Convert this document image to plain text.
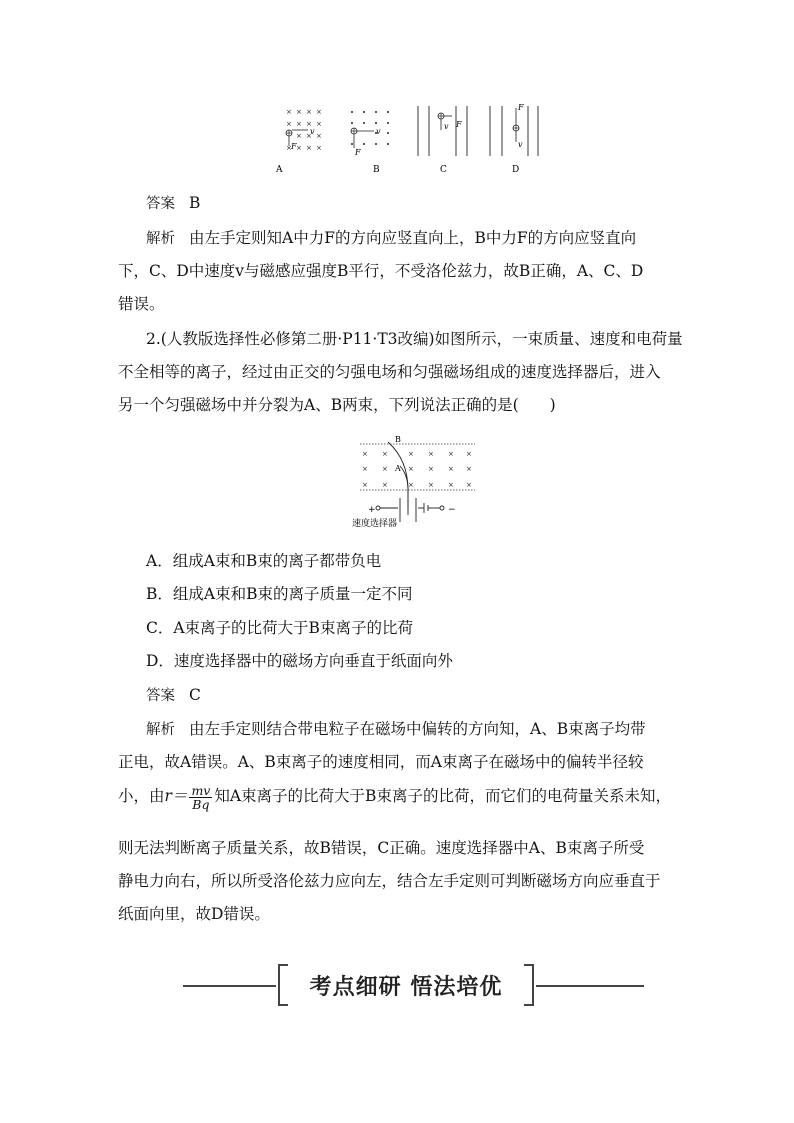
× × × ×
× × × ×
× × ×
× × × ×
v
F
v
F
v F
F
v
A	B	C	D
答案 B
解析 由左手定则知A中力F的方向应竖直向上，B中力F的方向应竖直向
下，C、D中速度v与磁感应强度B平行，不受洛伦兹力，故B正确，A、C、D
错误。
2.(人教版选择性必修第二册·P11·T3改编)如图所示，一束质量、速度和电荷量
不全相等的离子，经过由正交的匀强电场和匀强磁场组成的速度选择器后，进入
另一个匀强磁场中并分裂为A、B两束，下列说法正确的是(　　)
× ×	× × × ×
× ×	× × × ×
× ×	× × × ×
B
A
+	−
速度选择器
A．组成A束和B束的离子都带负电
B．组成A束和B束的离子质量一定不同
C．A束离子的比荷大于B束离子的比荷
D．速度选择器中的磁场方向垂直于纸面向外
答案 C
解析 由左手定则结合带电粒子在磁场中偏转的方向知，A、B束离子均带
正电，故A错误。A、B束离子的速度相同，而A束离子在磁场中的偏转半径较
小，由$r= \frac{mv}{Bq}$ 知A束离子的比荷大于B束离子的比荷，而它们的电荷量关系未知，
则无法判断离子质量关系，故B错误，C正确。速度选择器中A、B束离子所受
静电力向右，所以所受洛伦兹力应向左，结合左手定则可判断磁场方向应垂直于
纸面向里，故D错误。
考点细研 悟法培优
